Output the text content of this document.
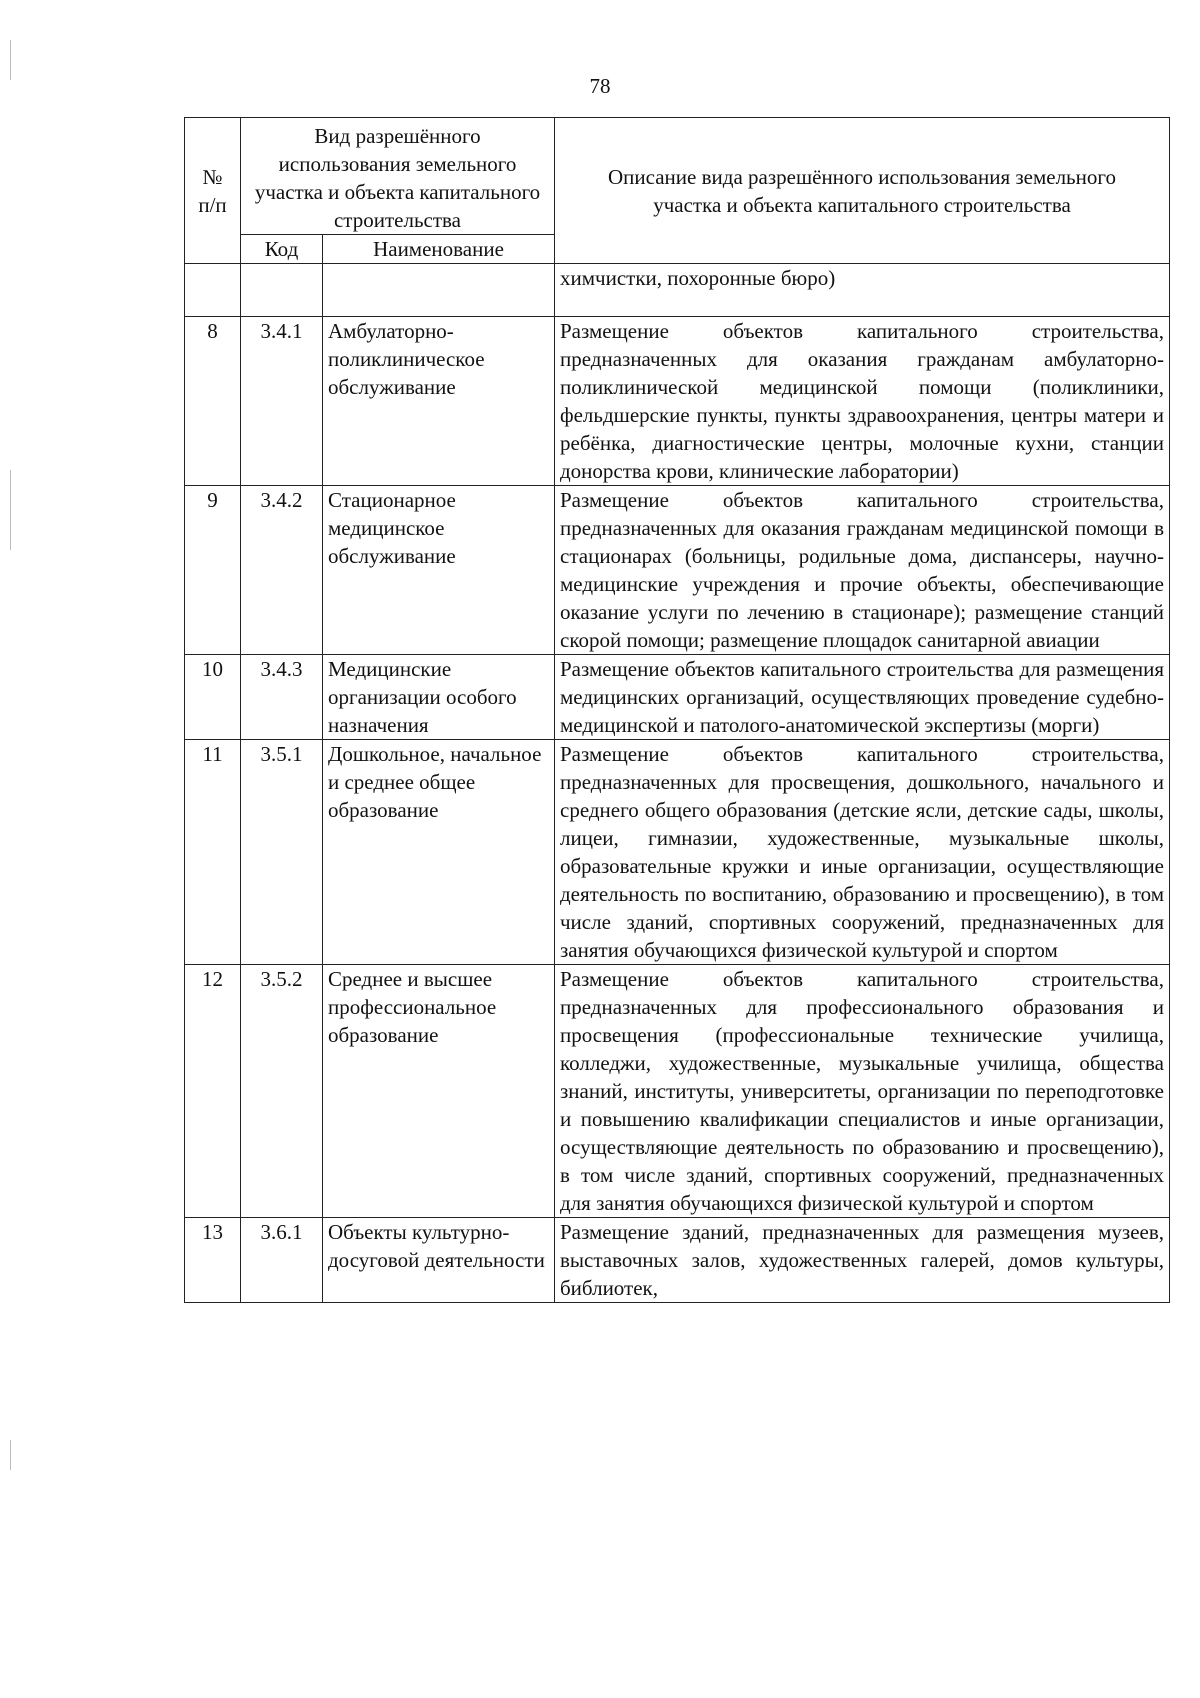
78
№ п/п	Вид разрешённого использования земельного участка и объекта капитального строительства		Описание вида разрешённого использования земельного участка и объекта капитального строительства
	Код	Наименование	
			химчистки, похоронные бюро)
8	3.4.1	Амбулаторно-поликлиническое обслуживание	Размещение объектов капитального строительства, предназначенных для оказания гражданам амбулаторно-поликлинической медицинской помощи (поликлиники, фельдшерские пункты, пункты здравоохранения, центры матери и ребёнка, диагностические центры, молочные кухни, станции донорства крови, клинические лаборатории)
9	3.4.2	Стационарное медицинское обслуживание	Размещение объектов капитального строительства, предназначенных для оказания гражданам медицинской помощи в стационарах (больницы, родильные дома, диспансеры, научно-медицинские учреждения и прочие объекты, обеспечивающие оказание услуги по лечению в стационаре); размещение станций скорой помощи; размещение площадок санитарной авиации
10	3.4.3	Медицинские организации особого назначения	Размещение объектов капитального строительства для размещения медицинских организаций, осуществляющих проведение судебно-медицинской и патолого-анатомической экспертизы (морги)
11	3.5.1	Дошкольное, начальное и среднее общее образование	Размещение объектов капитального строительства, предназначенных для просвещения, дошкольного, начального и среднего общего образования (детские ясли, детские сады, школы, лицеи, гимназии, художественные, музыкальные школы, образовательные кружки и иные организации, осуществляющие деятельность по воспитанию, образованию и просвещению), в том числе зданий, спортивных сооружений, предназначенных для занятия обучающихся физической культурой и спортом
12	3.5.2	Среднее и высшее профессиональное образование	Размещение объектов капитального строительства, предназначенных для профессионального образования и просвещения (профессиональные технические училища, колледжи, художественные, музыкальные училища, общества знаний, институты, университеты, организации по переподготовке и повышению квалификации специалистов и иные организации, осуществляющие деятельность по образованию и просвещению), в том числе зданий, спортивных сооружений, предназначенных для занятия обучающихся физической культурой и спортом
13	3.6.1	Объекты культурно-досуговой деятельности	Размещение зданий, предназначенных для размещения музеев, выставочных залов, художественных галерей, домов культуры, библиотек,
